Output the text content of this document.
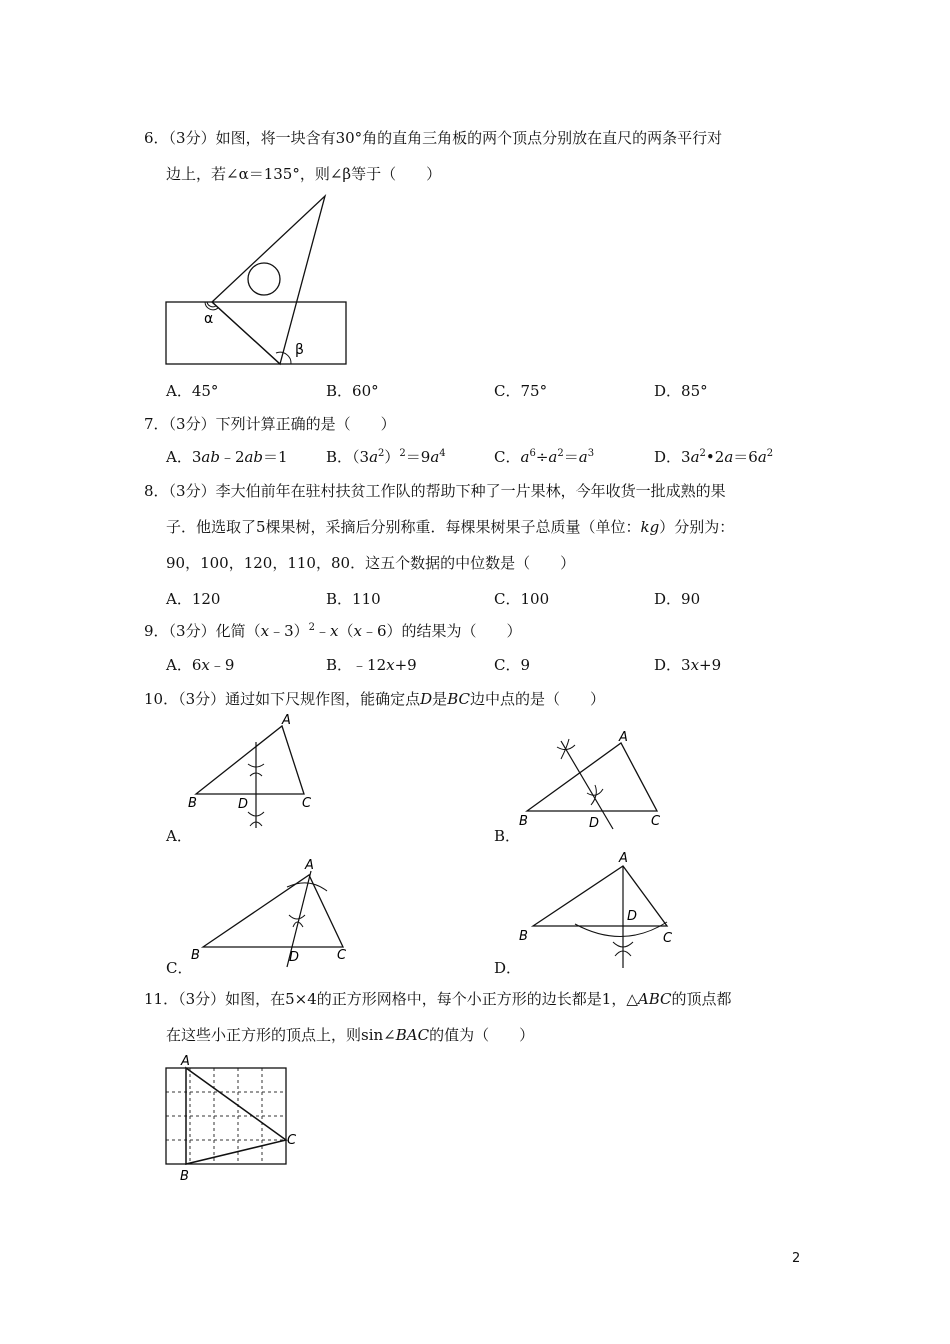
6．（3分）如图，将一块含有30°角的直角三角板的两个顶点分别放在直尺的两条平行对
边上，若∠α＝135°，则∠β等于（　　）
α
β
A．45°	B．60°	C．75°	D．85°
7．（3分）下列计算正确的是（　　）
A．3ab﹣2ab＝1	B．$(3a^2)^2=9a^4$	C．$a^6\div a^2=a^3$	D．$3a^2•2a=6a^2$
8．（3分）李大伯前年在驻村扶贫工作队的帮助下种了一片果林，今年收货一批成熟的果
子．他选取了5棵果树，采摘后分别称重．每棵果树果子总质量（单位：kg）分别为：
90，100，120，110，80．这五个数据的中位数是（　　）
A．120	B．110	C．100	D．90
9．（3分）化简（x﹣3）$^2$﹣x（x﹣6）的结果为（　　）
A．6x﹣9	B．﹣12x+9	C．9	D．3x+9
10．（3分）通过如下尺规作图，能确定点D是BC边中点的是（　　）
A
B	C
D
A．
A
B	C
D
B．
A
B	C
D
C．
A
B	C
D
D．
11．（3分）如图，在5×4的正方形网格中，每个小正方形的边长都是1，△ABC的顶点都
在这些小正方形的顶点上，则sin∠BAC的值为（　　）
A
B
C
2
